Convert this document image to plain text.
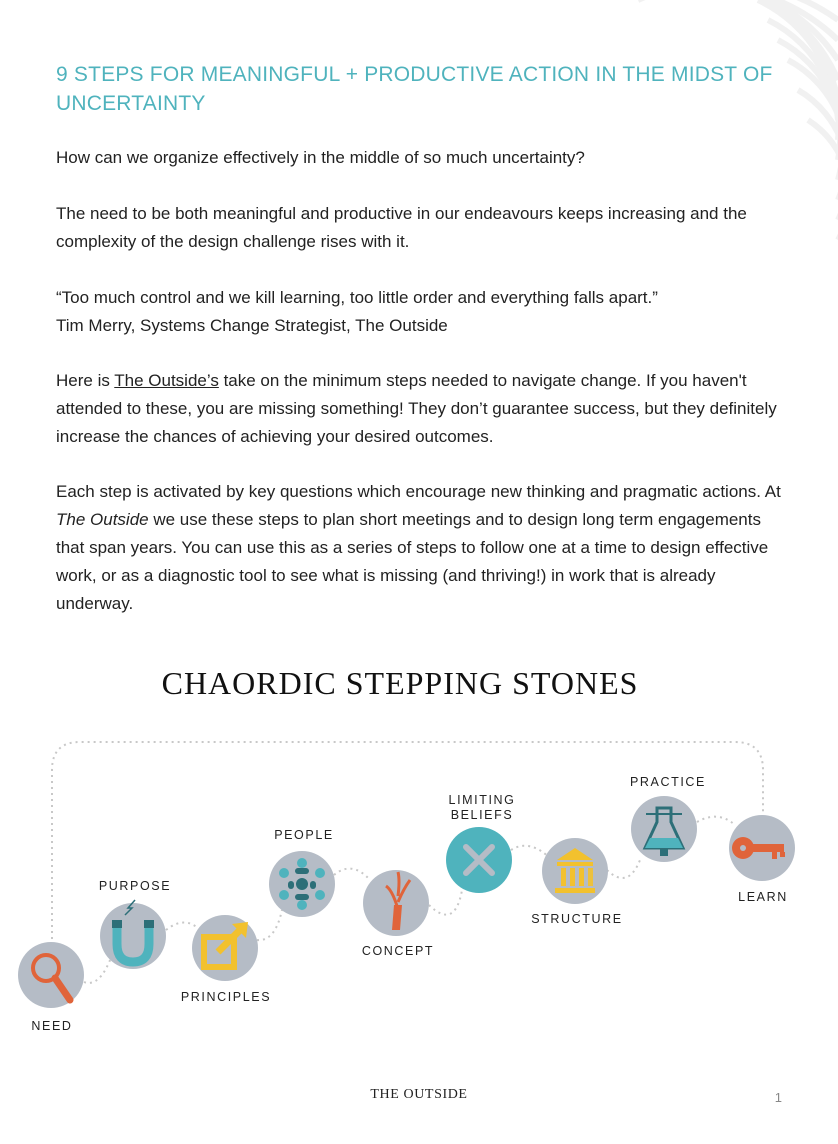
9 STEPS FOR MEANINGFUL + PRODUCTIVE ACTION IN THE MIDST OF UNCERTAINTY

How can we organize effectively in the middle of so much uncertainty?

The need to be both meaningful and productive in our endeavours keeps increasing and the complexity of the design challenge rises with it.

“Too much control and we kill learning, too little order and everything falls apart.”
Tim Merry, Systems Change Strategist, The Outside

Here is The Outside’s take on the minimum steps needed to navigate change. If you haven't attended to these, you are missing something! They don’t guarantee success, but they definitely increase the chances of achieving your desired outcomes.

Each step is activated by key questions which encourage new thinking and pragmatic actions. At The Outside we use these steps to plan short meetings and to design long term engagements that span years. You can use this as a series of steps to follow one at a time to design effective work, or as a diagnostic tool to see what is missing (and thriving!) in work that is already underway.

CHAORDIC STEPPING STONES
NEED
PURPOSE
PRINCIPLES
PEOPLE
CONCEPT
LIMITING
BELIEFS
STRUCTURE
PRACTICE
LEARN
THE OUTSIDE	1
